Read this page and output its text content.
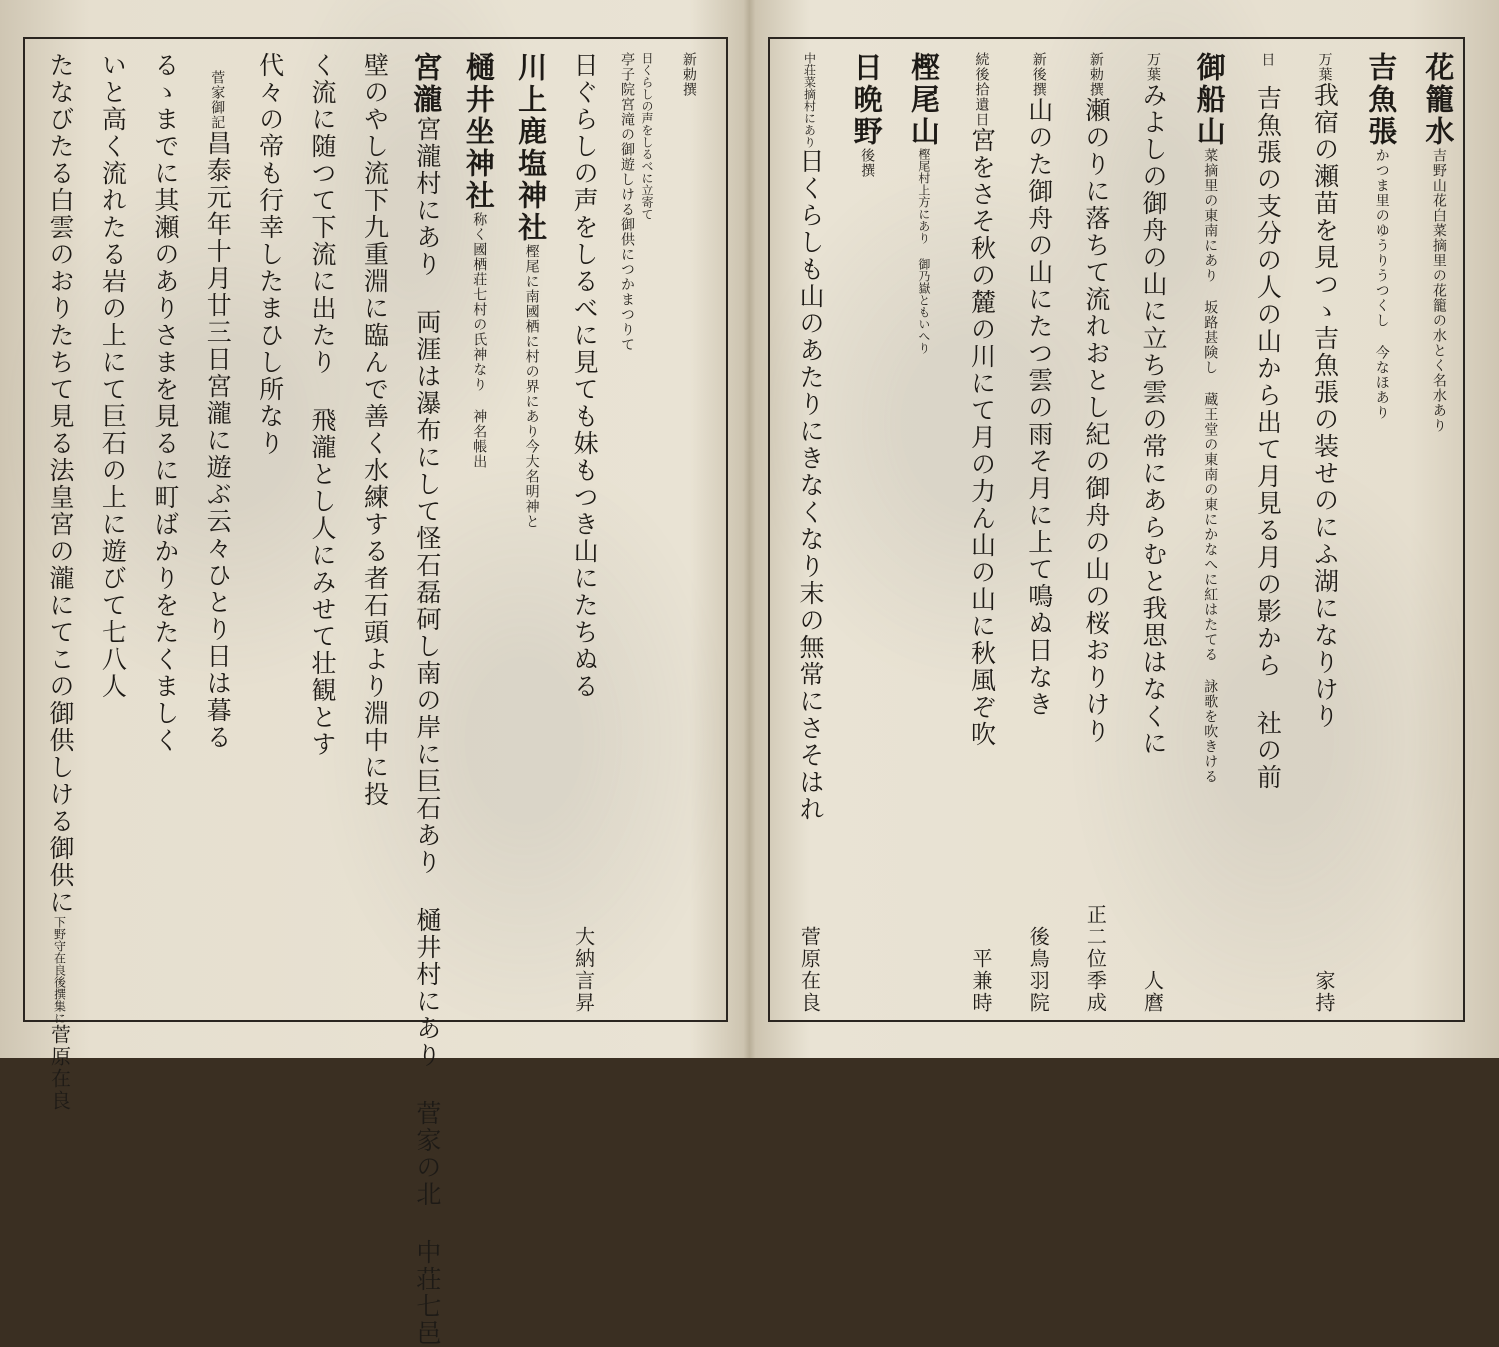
新勅撰
日くらしの声をしるべに立寄て
亭子院宮滝の御遊しける御供につかまつりて
日ぐらしの声をしるべに見ても妹もつき山にたちぬる
大納言昇
川上鹿塩神社
樫尾に南國栖に村の界にあり今大名明神と
樋井坐神社
称く國栖荘七村の氏神なり 神名帳出
宮瀧
宮瀧村にあり 両涯は瀑布にして怪石磊砢し南の岸に巨石あり 樋井村にあり 菅家の北 中荘七邑
壁のやし流下九重淵に臨んで善く水練する者石頭より淵中に投
く流に随つて下流に出たり 飛瀧とし人にみせて壮観とす
代々の帝も行幸したまひし所なり
菅家御記
昌泰元年十月廿三日宮瀧に遊ぶ云々ひとり日は暮る
るゝまでに其瀬のありさまを見るに町ばかりをたくましく
いと高く流れたる岩の上にて巨石の上に遊びて七八人
たなびたる白雲のおりたちて見る法皇宮の瀧にてこの御供しける御供に
下野守在良後撰集に
菅原在良
花籠水
吉野山花白菜摘里の花籠の水とく名水あり
吉魚張
かつま里のゆうりうつくし 今なほあり
万葉
我宿の瀬苗を見つゝ吉魚張の装せのにふ湖になりけり
家持
日
吉魚張の支分の人の山から出て月見る月の影から 社の前
御船山
菜摘里の東南にあり 坂路甚険し 蔵王堂の東南の東にかなへに紅はたてる 詠歌を吹きける
万葉
みよしの御舟の山に立ち雲の常にあらむと我思はなくに
人麿
新勅撰
瀬のりに落ちて流れおとし紀の御舟の山の桜おりけり
正二位季成
新後撰
山のた御舟の山にたつ雲の雨そ月に上て鳴ぬ日なき
後鳥羽院
続後拾遺
日
宮をさそ秋の麓の川にて月の力ん山の山に秋風ぞ吹
平兼時
樫尾山
樫尾村上方にあり 御乃嶽ともいへり
日晩野
後撰
中荘菜摘村にあり
日くらしも山のあたりにきなくなり末の無常にさそはれ
菅原在良
